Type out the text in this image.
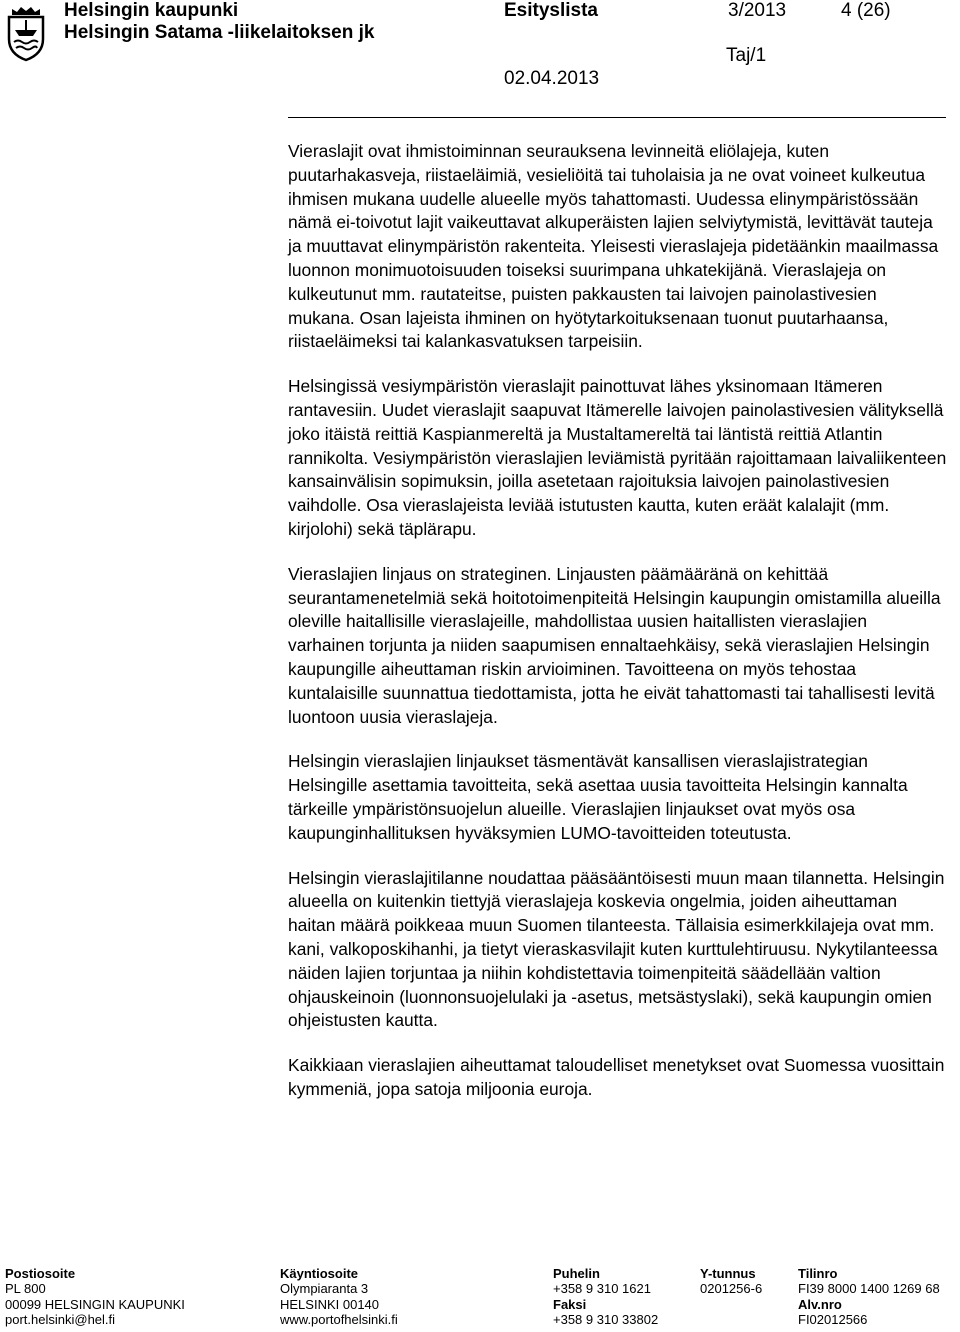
Helsingin kaupunki
Helsingin Satama -liikelaitoksen jk
Esityslista	3/2013	4 (26)
Taj/1
02.04.2013

Vieraslajit ovat ihmistoiminnan seurauksena levinneitä eliölajeja, kuten puutarhakasveja, riistaeläimiä, vesieliöitä tai tuholaisia ja ne ovat voineet kulkeutua ihmisen mukana uudelle alueelle myös tahattomasti. Uudessa elinympäristössään nämä ei-toivotut lajit vaikeuttavat alkuperäisten lajien selviytymistä, levittävät tauteja ja muuttavat elinympäristön rakenteita. Yleisesti vieraslajeja pidetäänkin maailmassa luonnon monimuotoisuuden toiseksi suurimpana uhkatekijänä. Vieraslajeja on kulkeutunut mm. rautateitse, puisten pakkausten tai laivojen painolastivesien mukana. Osan lajeista ihminen on hyötytarkoituksenaan tuonut puutarhaansa, riistaeläimeksi tai kalankasvatuksen tarpeisiin.

Helsingissä vesiympäristön vieraslajit painottuvat lähes yksinomaan Itämeren rantavesiin. Uudet vieraslajit saapuvat Itämerelle laivojen painolastivesien välityksellä joko itäistä reittiä Kaspianmereltä ja Mustaltamereltä tai läntistä reittiä Atlantin rannikolta. Vesiympäristön vieraslajien leviämistä pyritään rajoittamaan laivaliikenteen kansainvälisin sopimuksin, joilla asetetaan rajoituksia laivojen painolastivesien vaihdolle. Osa vieraslajeista leviää istutusten kautta, kuten eräät kalalajit (mm. kirjolohi) sekä täplärapu.

Vieraslajien linjaus on strateginen. Linjausten päämääränä on kehittää seurantamenetelmiä sekä hoitotoimenpiteitä Helsingin kaupungin omistamilla alueilla oleville haitallisille vieraslajeille, mahdollistaa uusien haitallisten vieraslajien varhainen torjunta ja niiden saapumisen ennaltaehkäisy, sekä vieraslajien Helsingin kaupungille aiheuttaman riskin arvioiminen. Tavoitteena on myös tehostaa kuntalaisille suunnattua tiedottamista, jotta he eivät tahattomasti tai tahallisesti levitä luontoon uusia vieraslajeja.

Helsingin vieraslajien linjaukset täsmentävät kansallisen vieraslajistrategian Helsingille asettamia tavoitteita, sekä asettaa uusia tavoitteita Helsingin kannalta tärkeille ympäristönsuojelun alueille. Vieraslajien linjaukset ovat myös osa kaupunginhallituksen hyväksymien LUMO-tavoitteiden toteutusta.

Helsingin vieraslajitilanne noudattaa pääsääntöisesti muun maan tilannetta. Helsingin alueella on kuitenkin tiettyjä vieraslajeja koskevia ongelmia, joiden aiheuttaman haitan määrä poikkeaa muun Suomen tilanteesta. Tällaisia esimerkkilajeja ovat mm. kani, valkoposkihanhi, ja tietyt vieraskasvilajit kuten kurttulehtiruusu. Nykytilanteessa näiden lajien torjuntaa ja niihin kohdistettavia toimenpiteitä säädellään valtion ohjauskeinoin (luonnonsuojelulaki ja -asetus, metsästyslaki), sekä kaupungin omien ohjeistusten kautta.

Kaikkiaan vieraslajien aiheuttamat taloudelliset menetykset ovat Suomessa vuosittain kymmeniä, jopa satoja miljoonia euroja.

Postiosoite
PL 800
00099 HELSINGIN KAUPUNKI
port.helsinki@hel.fi
Käyntiosoite
Olympiaranta 3
HELSINKI 00140
www.portofhelsinki.fi
Puhelin
+358 9 310 1621
Faksi
+358 9 310 33802
Y-tunnus
0201256-6
Tilinro
FI39 8000 1400 1269 68
Alv.nro
FI02012566
